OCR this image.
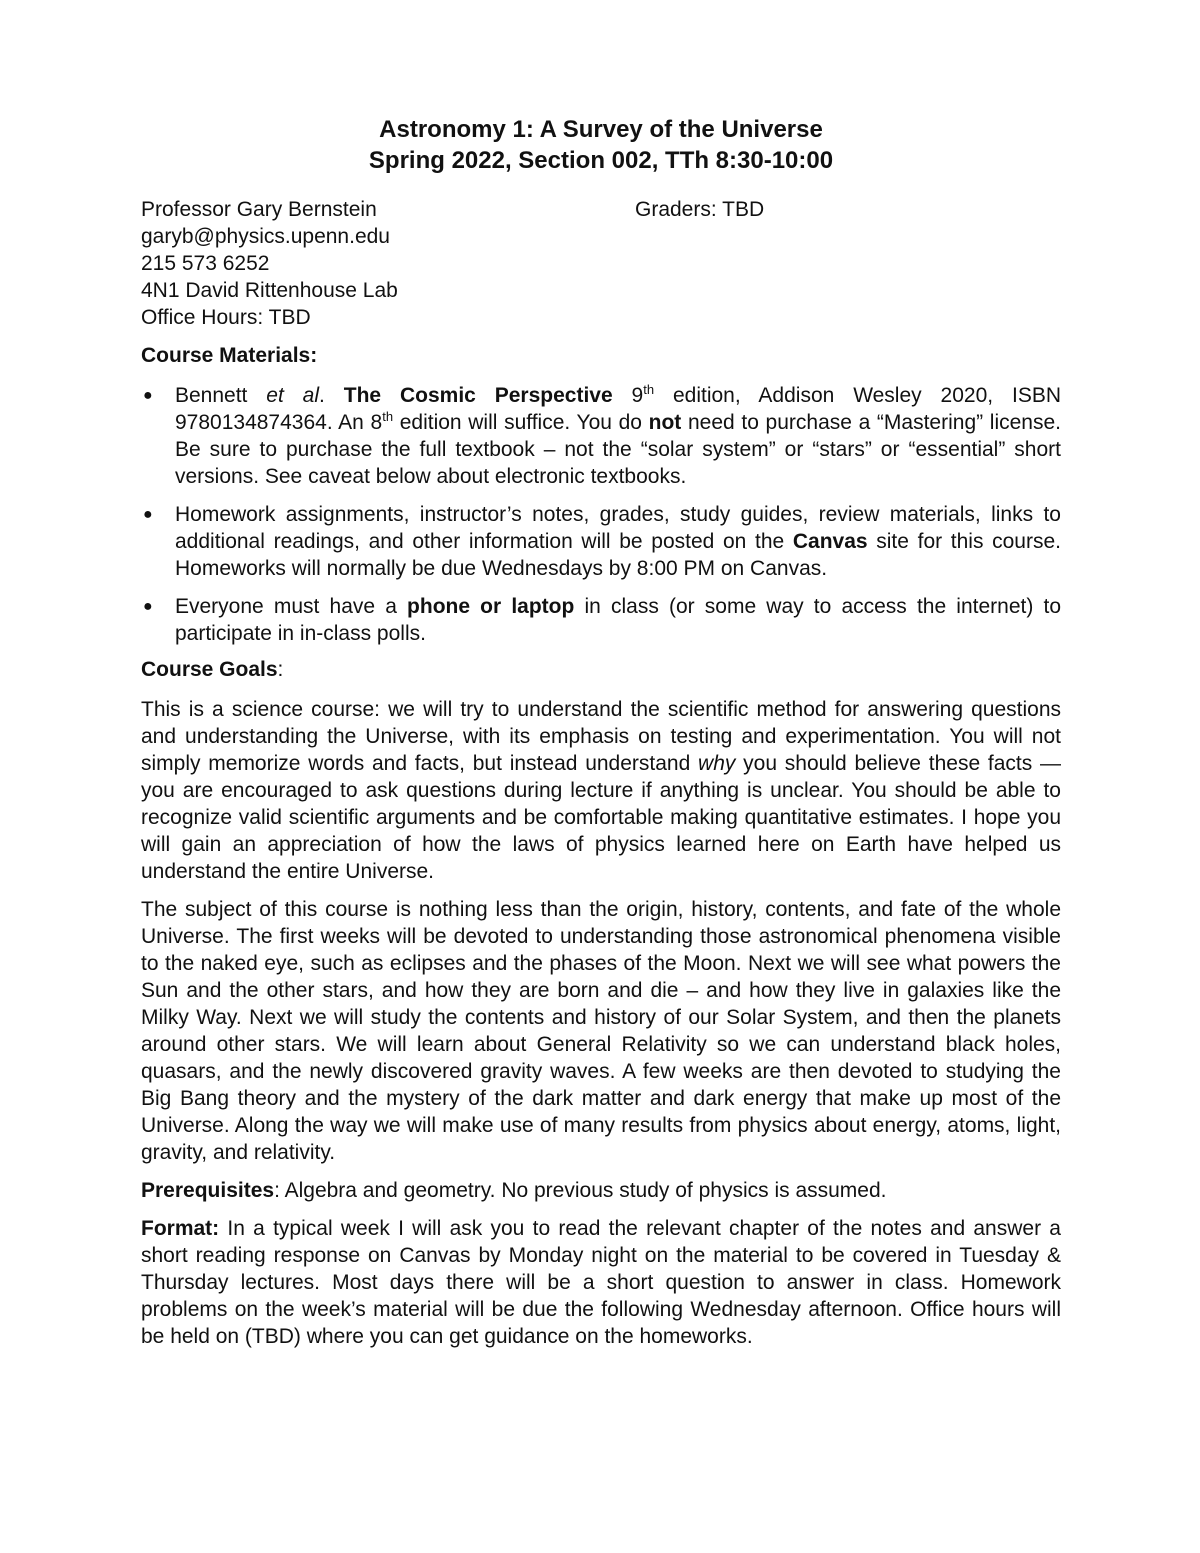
Astronomy 1: A Survey of the Universe
Spring 2022, Section 002, TTh 8:30-10:00
Professor Gary Bernstein
garyb@physics.upenn.edu
215 573 6252
4N1 David Rittenhouse Lab
Office Hours: TBD
Graders: TBD
Course Materials:
● Bennett et al. The Cosmic Perspective 9th edition, Addison Wesley 2020, ISBN 9780134874364. An 8th edition will suffice. You do not need to purchase a “Mastering” license. Be sure to purchase the full textbook – not the “solar system” or “stars” or “essential” short versions. See caveat below about electronic textbooks.
● Homework assignments, instructor’s notes, grades, study guides, review materials, links to additional readings, and other information will be posted on the Canvas site for this course. Homeworks will normally be due Wednesdays by 8:00 PM on Canvas.
● Everyone must have a phone or laptop in class (or some way to access the internet) to participate in in-class polls.
Course Goals:

This is a science course: we will try to understand the scientific method for answering questions and understanding the Universe, with its emphasis on testing and experimentation. You will not simply memorize words and facts, but instead understand why you should believe these facts — you are encouraged to ask questions during lecture if anything is unclear. You should be able to recognize valid scientific arguments and be comfortable making quantitative estimates. I hope you will gain an appreciation of how the laws of physics learned here on Earth have helped us understand the entire Universe.

The subject of this course is nothing less than the origin, history, contents, and fate of the whole Universe. The first weeks will be devoted to understanding those astronomical phenomena visible to the naked eye, such as eclipses and the phases of the Moon. Next we will see what powers the Sun and the other stars, and how they are born and die – and how they live in galaxies like the Milky Way. Next we will study the contents and history of our Solar System, and then the planets around other stars. We will learn about General Relativity so we can understand black holes, quasars, and the newly discovered gravity waves. A few weeks are then devoted to studying the Big Bang theory and the mystery of the dark matter and dark energy that make up most of the Universe. Along the way we will make use of many results from physics about energy, atoms, light, gravity, and relativity.

Prerequisites: Algebra and geometry. No previous study of physics is assumed.

Format: In a typical week I will ask you to read the relevant chapter of the notes and answer a short reading response on Canvas by Monday night on the material to be covered in Tuesday & Thursday lectures. Most days there will be a short question to answer in class. Homework problems on the week’s material will be due the following Wednesday afternoon. Office hours will be held on (TBD) where you can get guidance on the homeworks.
